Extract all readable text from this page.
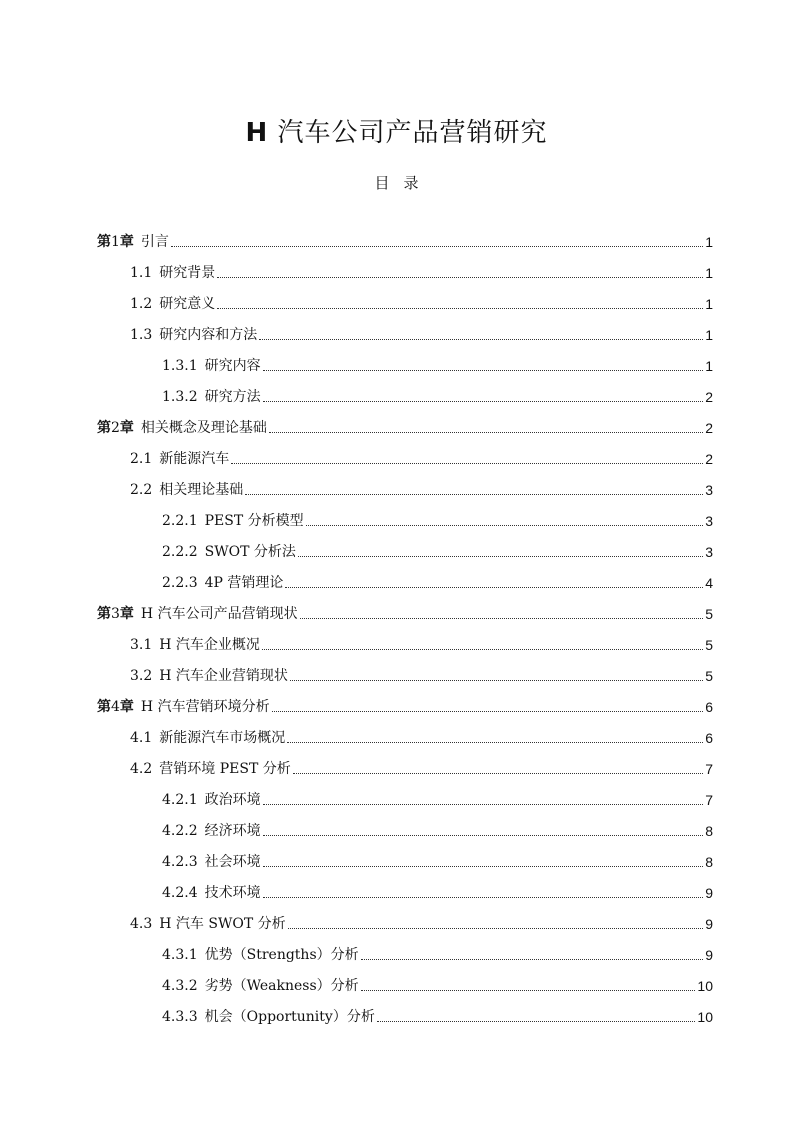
H 汽车公司产品营销研究
目录
第1章  引言	1
1.1  研究背景	1
1.2  研究意义	1
1.3  研究内容和方法	1
1.3.1  研究内容	1
1.3.2  研究方法	2
第2章  相关概念及理论基础	2
2.1  新能源汽车	2
2.2  相关理论基础	3
2.2.1  PEST 分析模型	3
2.2.2  SWOT 分析法	3
2.2.3  4P 营销理论	4
第3章  H 汽车公司产品营销现状	5
3.1  H 汽车企业概况	5
3.2  H 汽车企业营销现状	5
第4章  H 汽车营销环境分析	6
4.1  新能源汽车市场概况	6
4.2  营销环境 PEST 分析	7
4.2.1  政治环境	7
4.2.2  经济环境	8
4.2.3  社会环境	8
4.2.4  技术环境	9
4.3  H 汽车 SWOT 分析	9
4.3.1  优势（Strengths）分析	9
4.3.2  劣势（Weakness）分析	10
4.3.3  机会（Opportunity）分析	10
